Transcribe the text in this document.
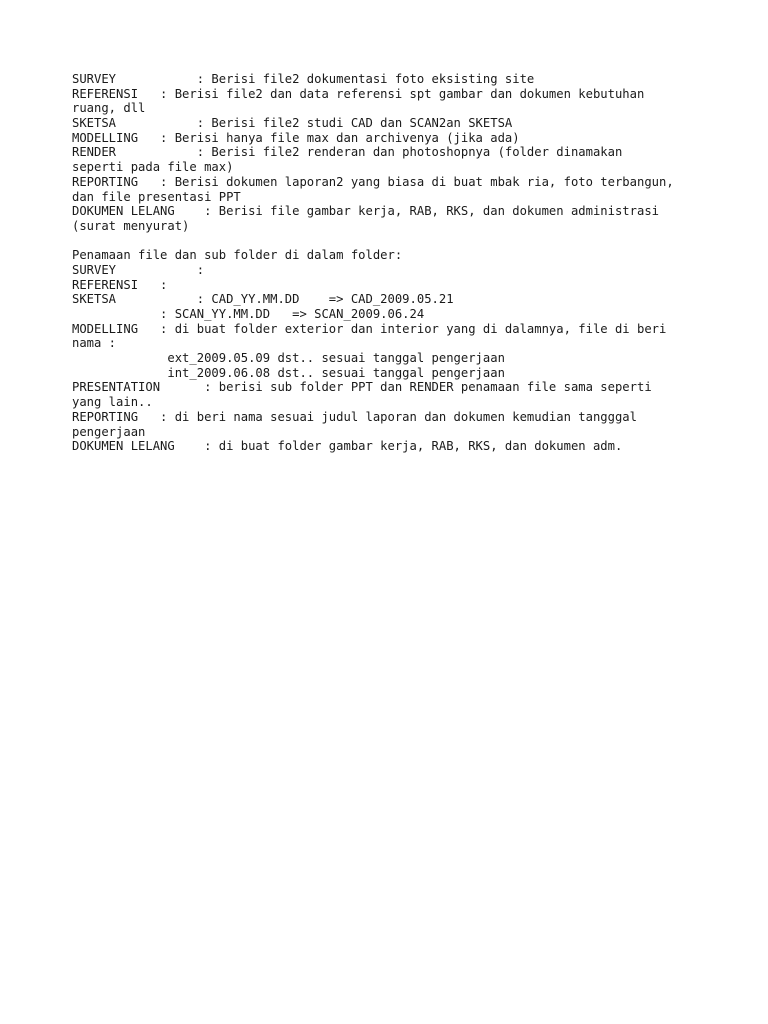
SURVEY           : Berisi file2 dokumentasi foto eksisting site
REFERENSI   : Berisi file2 dan data referensi spt gambar dan dokumen kebutuhan
ruang, dll
SKETSA           : Berisi file2 studi CAD dan SCAN2an SKETSA
MODELLING   : Berisi hanya file max dan archivenya (jika ada)
RENDER           : Berisi file2 renderan dan photoshopnya (folder dinamakan
seperti pada file max)
REPORTING   : Berisi dokumen laporan2 yang biasa di buat mbak ria, foto terbangun,
dan file presentasi PPT
DOKUMEN LELANG    : Berisi file gambar kerja, RAB, RKS, dan dokumen administrasi
(surat menyurat)
Penamaan file dan sub folder di dalam folder:
SURVEY           :
REFERENSI   :
SKETSA           : CAD_YY.MM.DD    => CAD_2009.05.21
: SCAN_YY.MM.DD   => SCAN_2009.06.24
MODELLING   : di buat folder exterior dan interior yang di dalamnya, file di beri
nama :
ext_2009.05.09 dst.. sesuai tanggal pengerjaan
int_2009.06.08 dst.. sesuai tanggal pengerjaan
PRESENTATION      : berisi sub folder PPT dan RENDER penamaan file sama seperti
yang lain..
REPORTING   : di beri nama sesuai judul laporan dan dokumen kemudian tangggal
pengerjaan
DOKUMEN LELANG    : di buat folder gambar kerja, RAB, RKS, dan dokumen adm.
